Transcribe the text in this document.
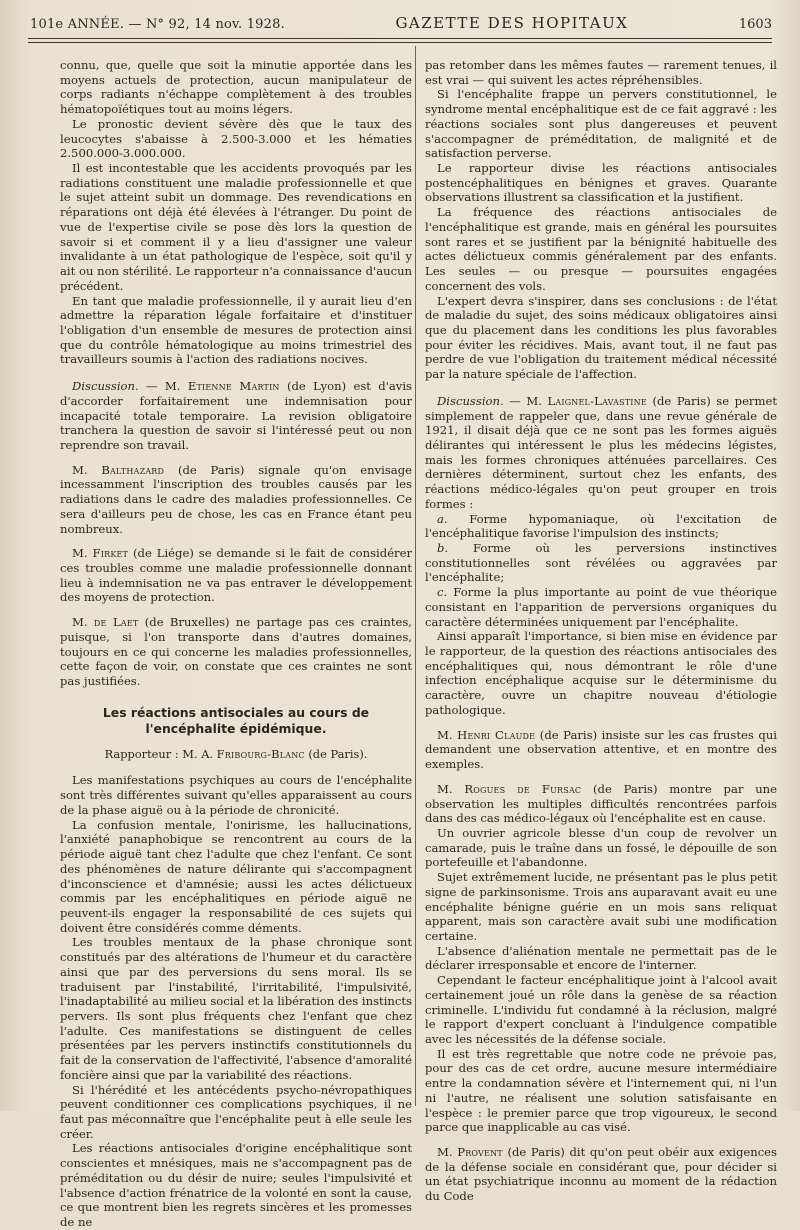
101e ANNÉE. — N° 92, 14 nov. 1928.	GAZETTE DES HOPITAUX	1603

connu, que, quelle que soit la minutie apportée dans les moyens actuels de protection, aucun manipulateur de corps radiants n'échappe complètement à des troubles hématopoïétiques tout au moins légers.

Le pronostic devient sévère dès que le taux des leucocytes s'abaisse à 2.500-3.000 et les hématies 2.500.000-3.000.000.

Il est incontestable que les accidents provoqués par les radiations constituent une maladie professionnelle et que le sujet atteint subit un dommage. Des revendications en réparations ont déjà été élevées à l'étranger. Du point de vue de l'expertise civile se pose dès lors la question de savoir si et comment il y a lieu d'assigner une valeur invalidante à un état pathologique de l'espèce, soit qu'il y ait ou non stérilité. Le rapporteur n'a connaissance d'aucun précédent.

En tant que maladie professionnelle, il y aurait lieu d'en admettre la réparation légale forfaitaire et d'instituer l'obligation d'un ensemble de mesures de protection ainsi que du contrôle hématologique au moins trimestriel des travailleurs soumis à l'action des radiations nocives.

Discussion. — M. Etienne Martin (de Lyon) est d'avis d'accorder forfaitairement une indemnisation pour incapacité totale temporaire. La revision obligatoire tranchera la question de savoir si l'intéressé peut ou non reprendre son travail.

M. Balthazard (de Paris) signale qu'on envisage incessamment l'inscription des troubles causés par les radiations dans le cadre des maladies professionnelles. Ce sera d'ailleurs peu de chose, les cas en France étant peu nombreux.

M. Firket (de Liége) se demande si le fait de considérer ces troubles comme une maladie professionnelle donnant lieu à indemnisation ne va pas entraver le développement des moyens de protection.

M. de Laet (de Bruxelles) ne partage pas ces craintes, puisque, si l'on transporte dans d'autres domaines, toujours en ce qui concerne les maladies professionnelles, cette façon de voir, on constate que ces craintes ne sont pas justifiées.

Les réactions antisociales au cours de l'encéphalite épidémique.
Rapporteur : M. A. Fribourg-Blanc (de Paris).

Les manifestations psychiques au cours de l'encéphalite sont très différentes suivant qu'elles apparaissent au cours de la phase aiguë ou à la période de chronicité.

La confusion mentale, l'onirisme, les hallucinations, l'anxiété panaphobique se rencontrent au cours de la période aiguë tant chez l'adulte que chez l'enfant. Ce sont des phénomènes de nature délirante qui s'accompagnent d'inconscience et d'amnésie; aussi les actes délictueux commis par les encéphalitiques en période aiguë ne peuvent-ils engager la responsabilité de ces sujets qui doivent être considérés comme déments.

Les troubles mentaux de la phase chronique sont constitués par des altérations de l'humeur et du caractère ainsi que par des perversions du sens moral. Ils se traduisent par l'instabilité, l'irritabilité, l'impulsivité, l'inadaptabilité au milieu social et la libération des instincts pervers. Ils sont plus fréquents chez l'enfant que chez l'adulte. Ces manifestations se distinguent de celles présentées par les pervers instinctifs constitutionnels du fait de la conservation de l'affectivité, l'absence d'amoralité foncière ainsi que par la variabilité des réactions.

Si l'hérédité et les antécédents psycho-névropathiques peuvent conditionner ces complications psychiques, il ne faut pas méconnaître que l'encéphalite peut à elle seule les créer.

Les réactions antisociales d'origine encéphalitique sont conscientes et mnésiques, mais ne s'accompagnent pas de préméditation ou du désir de nuire; seules l'impulsivité et l'absence d'action frénatrice de la volonté en sont la cause, ce que montrent bien les regrets sincères et les promesses de ne

pas retomber dans les mêmes fautes — rarement tenues, il est vrai — qui suivent les actes répréhensibles.

Si l'encéphalite frappe un pervers constitutionnel, le syndrome mental encéphalitique est de ce fait aggravé : les réactions sociales sont plus dangereuses et peuvent s'accompagner de préméditation, de malignité et de satisfaction perverse.

Le rapporteur divise les réactions antisociales postencéphalitiques en bénignes et graves. Quarante observations illustrent sa classification et la justifient.

La fréquence des réactions antisociales de l'encéphalitique est grande, mais en général les poursuites sont rares et se justifient par la bénignité habituelle des actes délictueux commis généralement par des enfants. Les seules — ou presque — poursuites engagées concernent des vols.

L'expert devra s'inspirer, dans ses conclusions : de l'état de maladie du sujet, des soins médicaux obligatoires ainsi que du placement dans les conditions les plus favorables pour éviter les récidives. Mais, avant tout, il ne faut pas perdre de vue l'obligation du traitement médical nécessité par la nature spéciale de l'affection.

Discussion. — M. Laignel-Lavastine (de Paris) se permet simplement de rappeler que, dans une revue générale de 1921, il disait déjà que ce ne sont pas les formes aiguës délirantes qui intéressent le plus les médecins légistes, mais les formes chroniques atténuées parcellaires. Ces dernières déterminent, surtout chez les enfants, des réactions médico-légales qu'on peut grouper en trois formes :

a. Forme hypomaniaque, où l'excitation de l'encéphalitique favorise l'impulsion des instincts;

b. Forme où les perversions instinctives constitutionnelles sont révélées ou aggravées par l'encéphalite;

c. Forme la plus importante au point de vue théorique consistant en l'apparition de perversions organiques du caractère déterminées uniquement par l'encéphalite.

Ainsi apparaît l'importance, si bien mise en évidence par le rapporteur, de la question des réactions antisociales des encéphalitiques qui, nous démontrant le rôle d'une infection encéphalique acquise sur le déterminisme du caractère, ouvre un chapitre nouveau d'étiologie pathologique.

M. Henri Claude (de Paris) insiste sur les cas frustes qui demandent une observation attentive, et en montre des exemples.

M. Rogues de Fursac (de Paris) montre par une observation les multiples difficultés rencontrées parfois dans des cas médico-légaux où l'encéphalite est en cause.

Un ouvrier agricole blesse d'un coup de revolver un camarade, puis le traîne dans un fossé, le dépouille de son portefeuille et l'abandonne.

Sujet extrêmement lucide, ne présentant pas le plus petit signe de parkinsonisme. Trois ans auparavant avait eu une encéphalite bénigne guérie en un mois sans reliquat apparent, mais son caractère avait subi une modification certaine.

L'absence d'aliénation mentale ne permettait pas de le déclarer irresponsable et encore de l'interner.

Cependant le facteur encéphalitique joint à l'alcool avait certainement joué un rôle dans la genèse de sa réaction criminelle. L'individu fut condamné à la réclusion, malgré le rapport d'expert concluant à l'indulgence compatible avec les nécessités de la défense sociale.

Il est très regrettable que notre code ne prévoie pas, pour des cas de cet ordre, aucune mesure intermédiaire entre la condamnation sévère et l'internement qui, ni l'un ni l'autre, ne réalisent une solution satisfaisante en l'espèce : le premier parce que trop vigoureux, le second parce que inapplicable au cas visé.

M. Provent (de Paris) dit qu'on peut obéir aux exigences de la défense sociale en considérant que, pour décider si un état psychiatrique inconnu au moment de la rédaction du Code
